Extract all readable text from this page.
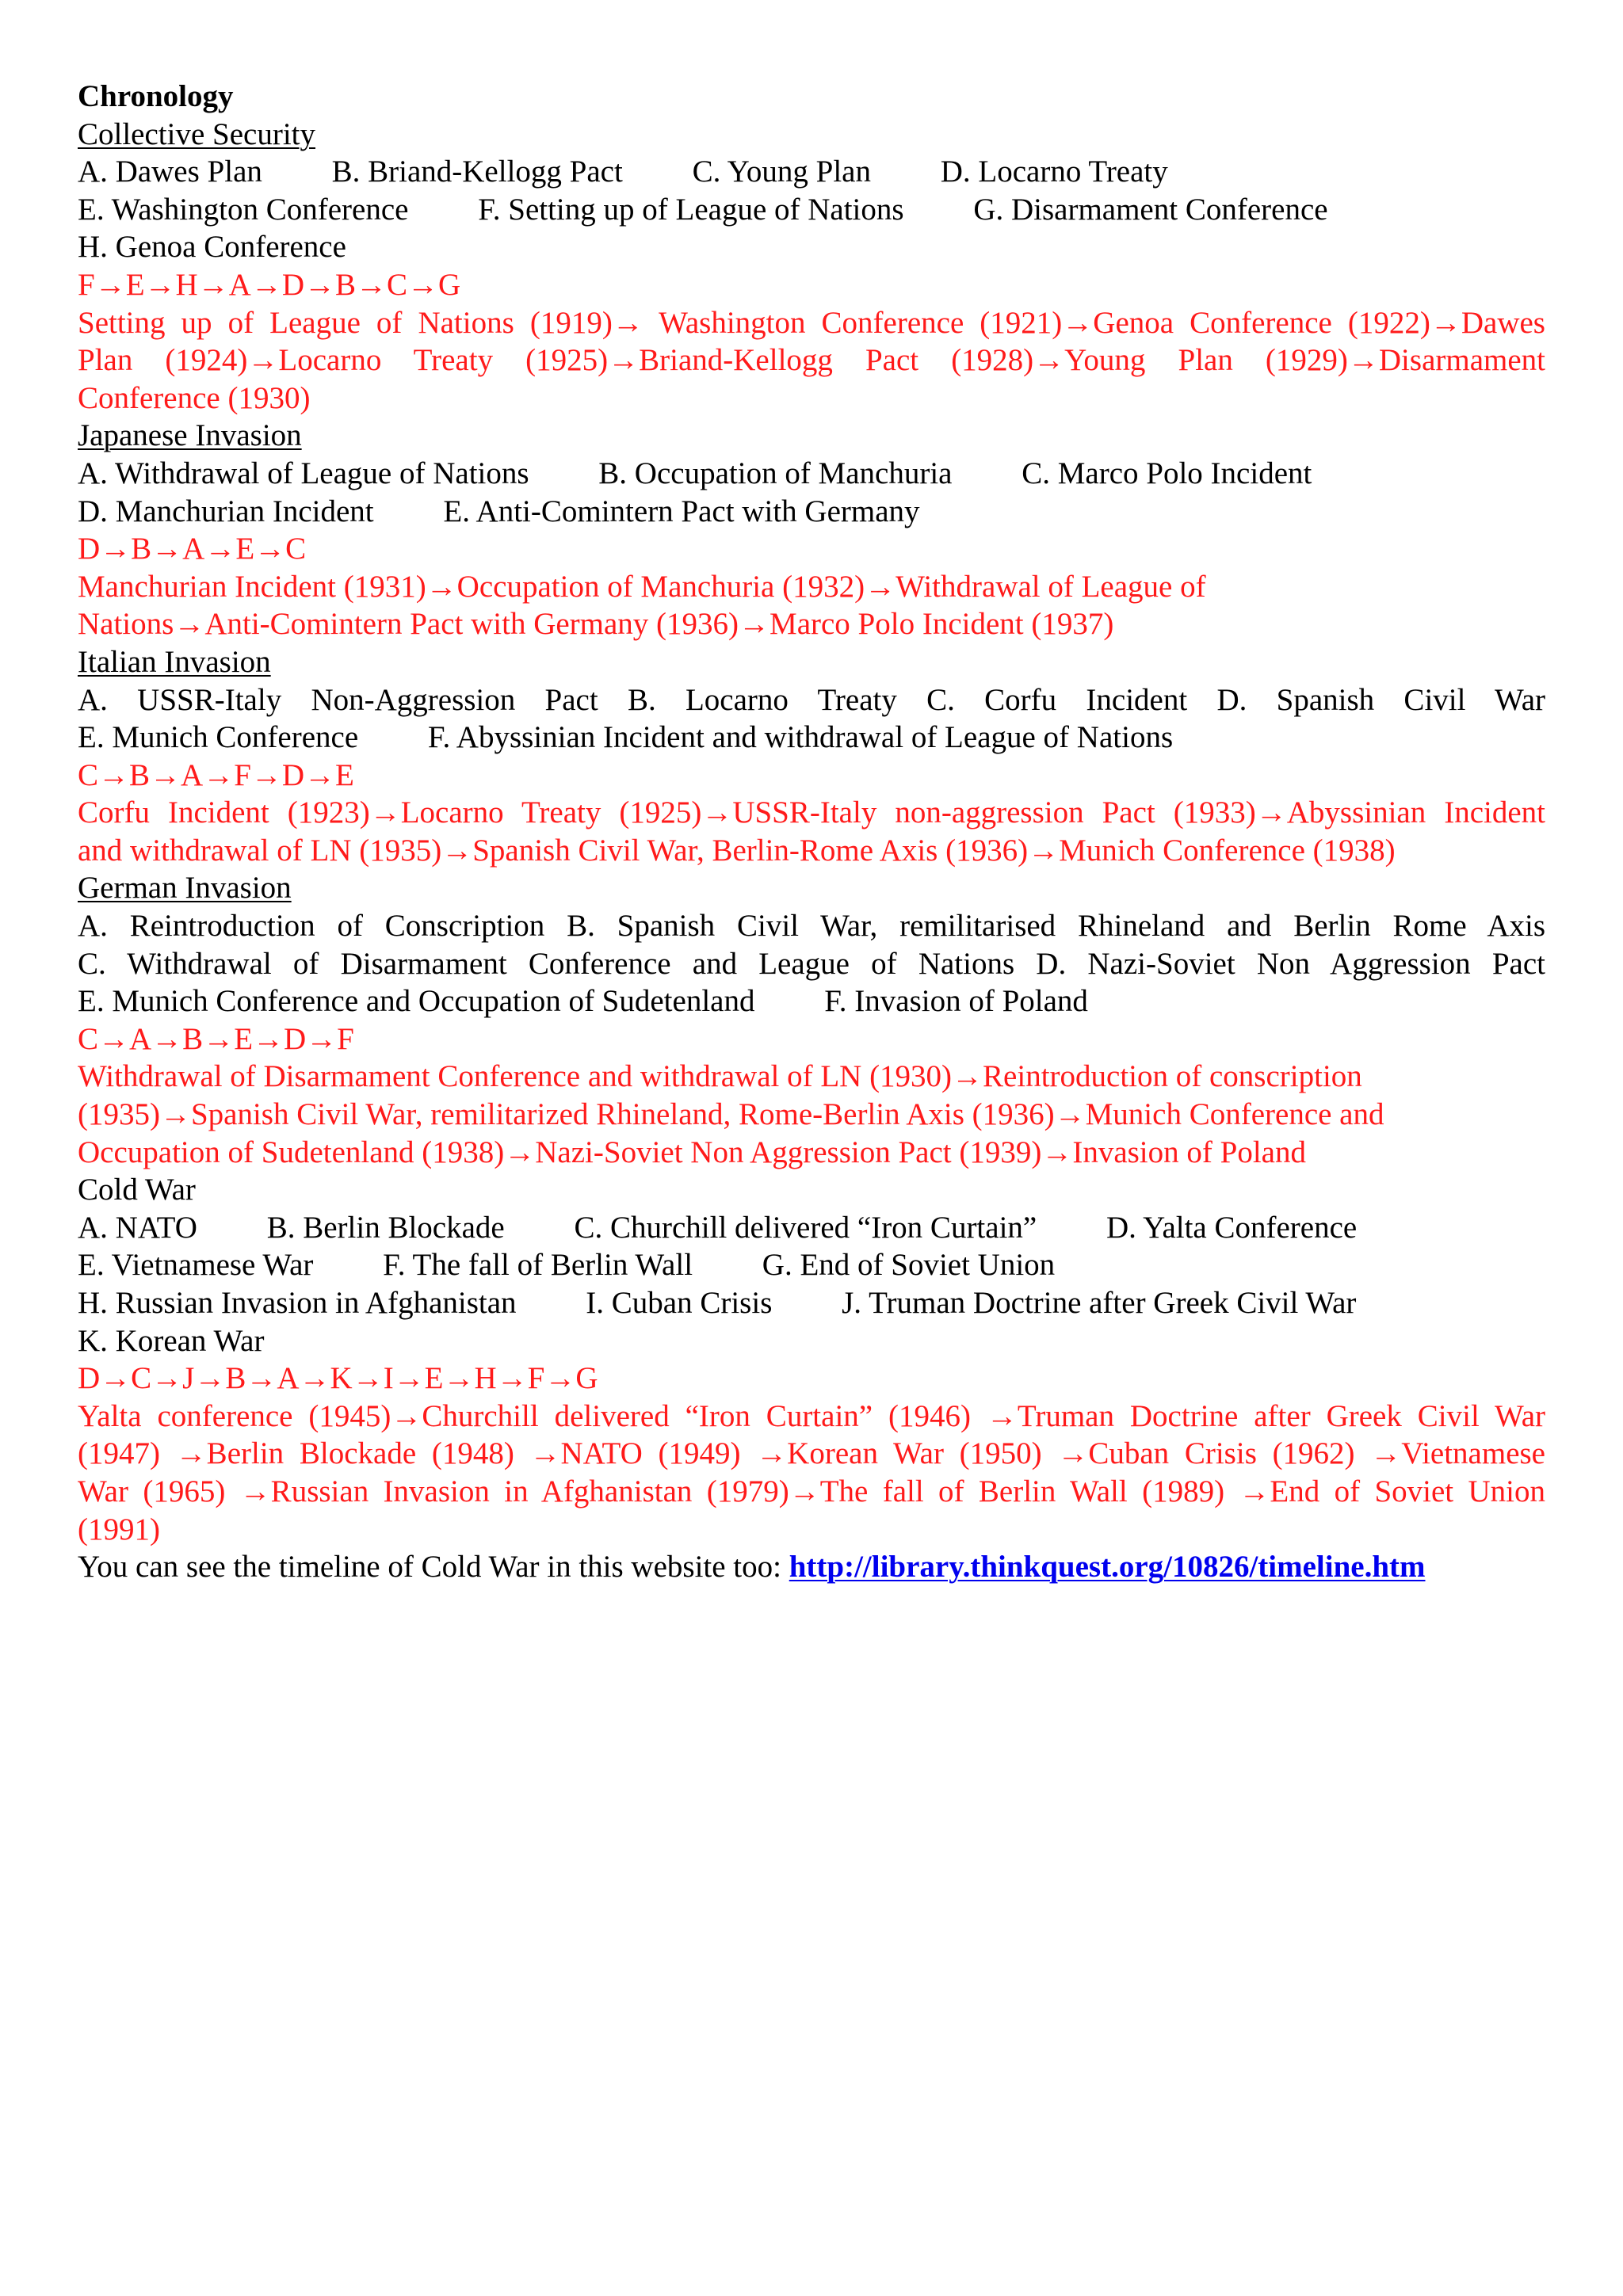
Chronology
Collective Security
A. Dawes Plan         B. Briand-Kellogg Pact         C. Young Plan         D. Locarno Treaty
E. Washington Conference         F. Setting up of League of Nations         G. Disarmament Conference
H. Genoa Conference
F→E→H→A→D→B→C→G
Setting up of League of Nations (1919)→ Washington Conference (1921)→Genoa Conference (1922)→Dawes
Plan (1924)→Locarno Treaty (1925)→Briand-Kellogg Pact (1928)→Young Plan (1929)→Disarmament
Conference (1930)
Japanese Invasion
A. Withdrawal of League of Nations         B. Occupation of Manchuria         C. Marco Polo Incident
D. Manchurian Incident         E. Anti-Comintern Pact with Germany
D→B→A→E→C
Manchurian Incident (1931)→Occupation of Manchuria (1932)→Withdrawal of League of
Nations→Anti-Comintern Pact with Germany (1936)→Marco Polo Incident (1937)
Italian Invasion
A. USSR-Italy Non-Aggression Pact B. Locarno Treaty C. Corfu Incident D. Spanish Civil War
E. Munich Conference         F. Abyssinian Incident and withdrawal of League of Nations
C→B→A→F→D→E
Corfu Incident (1923)→Locarno Treaty (1925)→USSR-Italy non-aggression Pact (1933)→Abyssinian Incident
and withdrawal of LN (1935)→Spanish Civil War, Berlin-Rome Axis (1936)→Munich Conference (1938)
German Invasion
A. Reintroduction of Conscription B. Spanish Civil War, remilitarised Rhineland and Berlin Rome Axis
C. Withdrawal of Disarmament Conference and League of Nations D. Nazi-Soviet Non Aggression Pact
E. Munich Conference and Occupation of Sudetenland         F. Invasion of Poland
C→A→B→E→D→F
Withdrawal of Disarmament Conference and withdrawal of LN (1930)→Reintroduction of conscription
(1935)→Spanish Civil War, remilitarized Rhineland, Rome-Berlin Axis (1936)→Munich Conference and
Occupation of Sudetenland (1938)→Nazi-Soviet Non Aggression Pact (1939)→Invasion of Poland
Cold War
A. NATO         B. Berlin Blockade         C. Churchill delivered “Iron Curtain”         D. Yalta Conference
E. Vietnamese War         F. The fall of Berlin Wall         G. End of Soviet Union
H. Russian Invasion in Afghanistan         I. Cuban Crisis         J. Truman Doctrine after Greek Civil War
K. Korean War
D→C→J→B→A→K→I→E→H→F→G
Yalta conference (1945)→Churchill delivered “Iron Curtain” (1946) →Truman Doctrine after Greek Civil War
(1947) →Berlin Blockade (1948) →NATO (1949) →Korean War (1950) →Cuban Crisis (1962) →Vietnamese
War (1965) →Russian Invasion in Afghanistan (1979)→The fall of Berlin Wall (1989) →End of Soviet Union
(1991)
You can see the timeline of Cold War in this website too: http://library.thinkquest.org/10826/timeline.htm
